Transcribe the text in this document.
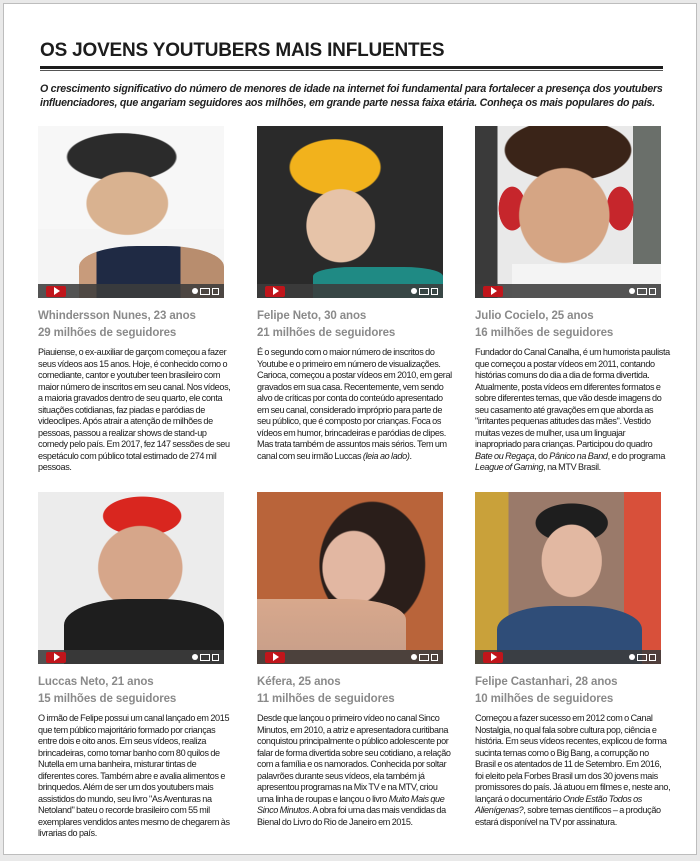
OS JOVENS YOUTUBERS MAIS INFLUENTES

O crescimento significativo do número de menores de idade na internet foi fundamental para fortalecer a presença dos youtubers influenciadores, que angariam seguidores aos milhões, em grande parte nessa faixa etária. Conheça os mais populares do país.

Whindersson Nunes, 23 anos
29 milhões de seguidores

Piauiense, o ex-auxiliar de garçom começou a fazer seus vídeos aos 15 anos. Hoje, é conhecido como o comediante, cantor e youtuber teen brasileiro com maior número de inscritos em seu canal. Nos vídeos, a maioria gravados dentro de seu quarto, ele conta situações cotidianas, faz piadas e paródias de videoclipes. Após atrair a atenção de milhões de pessoas, passou a realizar shows de stand-up comedy pelo país. Em 2017, fez 147 sessões de seu espetáculo com público total estimado de 274 mil pessoas.

Felipe Neto, 30 anos
21 milhões de seguidores

É o segundo com o maior número de inscritos do Youtube e o primeiro em número de visualizações. Carioca, começou a postar vídeos em 2010, em geral gravados em sua casa. Recentemente, vem sendo alvo de críticas por conta do conteúdo apresentado em seu canal, considerado impróprio para parte de seu público, que é composto por crianças. Foca os vídeos em humor, brincadeiras e paródias de clipes. Mas trata também de assuntos mais sérios. Tem um canal com seu irmão Luccas (leia ao lado).

Julio Cocielo, 25 anos
16 milhões de seguidores

Fundador do Canal Canalha, é um humorista paulista que começou a postar vídeos em 2011, contando histórias comuns do dia a dia de forma divertida. Atualmente, posta vídeos em diferentes formatos e sobre diferentes temas, que vão desde imagens do seu casamento até gravações em que aborda as "irritantes pequenas atitudes das mães". Vestido muitas vezes de mulher, usa um linguajar inapropriado para crianças. Participou do quadro Bate ou Regaça, do Pânico na Band, e do programa League of Gaming, na MTV Brasil.

Luccas Neto, 21 anos
15 milhões de seguidores

O irmão de Felipe possui um canal lançado em 2015 que tem público majoritário formado por crianças entre dois e oito anos. Em seus vídeos, realiza brincadeiras, como tomar banho com 80 quilos de Nutella em uma banheira, misturar tintas de diferentes cores. Também abre e avalia alimentos e brinquedos. Além de ser um dos youtubers mais assistidos do mundo, seu livro "As Aventuras na Netoland" bateu o recorde brasileiro com 55 mil exemplares vendidos antes mesmo de chegarem às livrarias do país.

Kéfera, 25 anos
11 milhões de seguidores

Desde que lançou o primeiro vídeo no canal Sinco Minutos, em 2010, a atriz e apresentadora curitibana conquistou principalmente o público adolescente por falar de forma divertida sobre seu cotidiano, a relação com a família e os namorados. Conhecida por soltar palavrões durante seus vídeos, ela também já apresentou programas na Mix TV e na MTV, criou uma linha de roupas e lançou o livro Muito Mais que Sinco Minutos. A obra foi uma das mais vendidas da Bienal do Livro do Rio de Janeiro em 2015.

Felipe Castanhari, 28 anos
10 milhões de seguidores

Começou a fazer sucesso em 2012 com o Canal Nostalgia, no qual fala sobre cultura pop, ciência e história. Em seus vídeos recentes, explicou de forma sucinta temas como o Big Bang, a corrupção no Brasil e os atentados de 11 de Setembro. Em 2016, foi eleito pela Forbes Brasil um dos 30 jovens mais promissores do país. Já atuou em filmes e, neste ano, lançará o documentário Onde Estão Todos os Alienígenas?, sobre temas científicos – a produção estará disponível na TV por assinatura.
